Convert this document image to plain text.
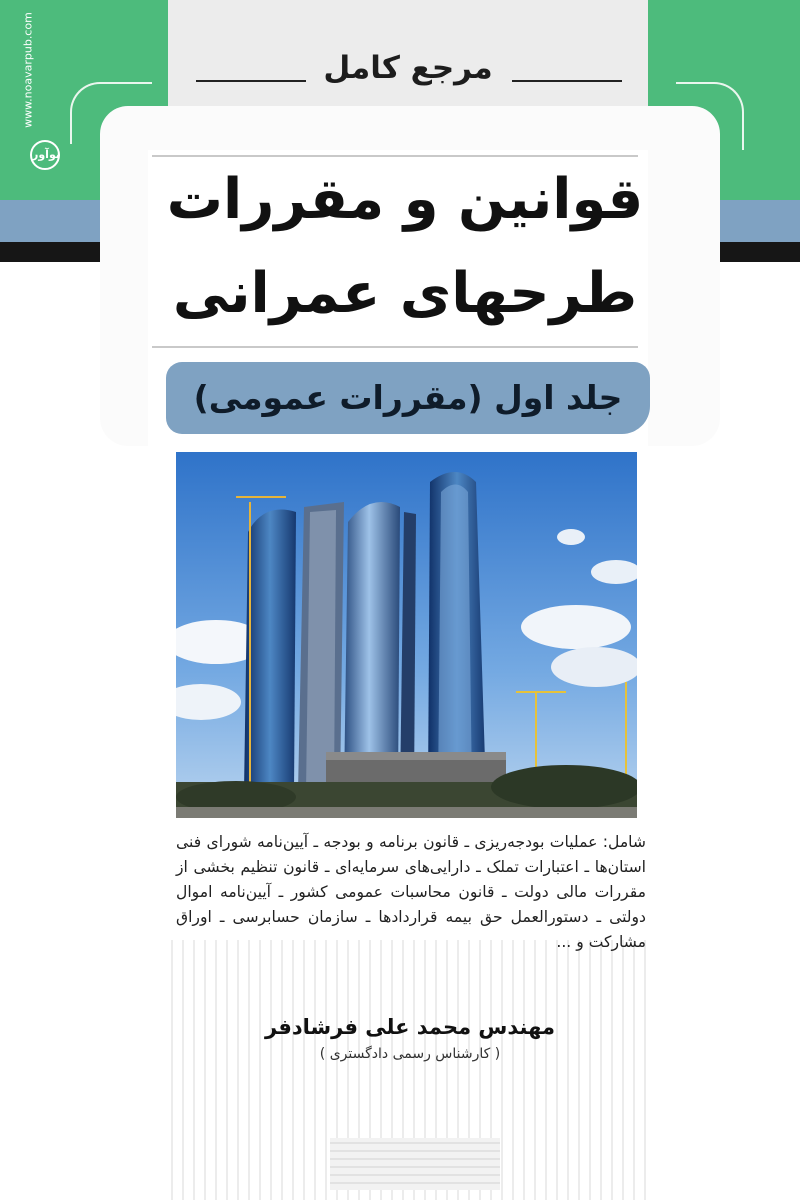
www.noavarpub.com
نوآور
مرجع کامل
قوانین و مقررات
طرحهای عمرانی
جلد اول (مقررات عمومی)
شامل: عملیات بودجه‌ریزی ـ قانون برنامه و بودجه ـ آیین‌نامه شورای فنی استان‌ها ـ اعتبارات تملک ـ دارایی‌های سرمایه‌ای ـ قانون تنظیم بخشی از مقررات مالی دولت ـ قانون محاسبات عمومی کشور ـ آیین‌نامه اموال دولتی ـ دستورالعمل حق بیمه قراردادها ـ سازمان حسابرسی ـ اوراق مشارکت و ...
مهندس محمد علی فرشادفر
( کارشناس رسمی دادگستری )
